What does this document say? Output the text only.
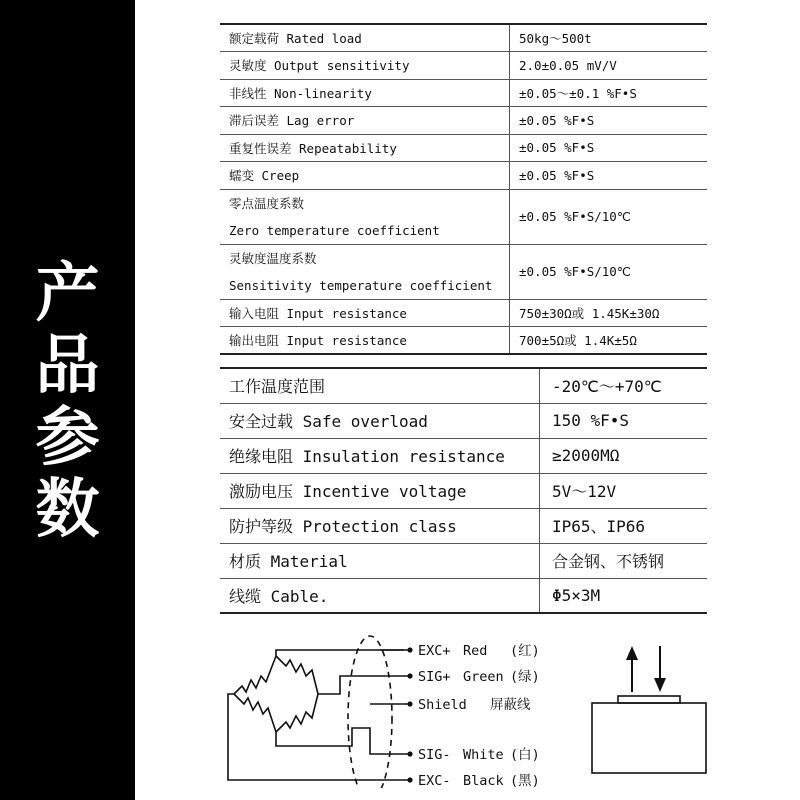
产
品
参
数
额定载荷 Rated load	50kg～500t
灵敏度 Output sensitivity	2.0±0.05 mV/V
非线性 Non-linearity	±0.05～±0.1 %F•S
滞后误差 Lag error	±0.05 %F•S
重复性误差 Repeatability	±0.05 %F•S
蠕变 Creep	±0.05 %F•S

零点温度系数
Zero temperature coefficient	±0.05 %F•S/10℃

灵敏度温度系数
Sensitivity temperature coefficient	±0.05 %F•S/10℃
输入电阻 Input resistance	750±30Ω或 1.45K±30Ω
输出电阻 Input resistance	700±5Ω或 1.4K±5Ω
工作温度范围	-20℃～+70℃
安全过载 Safe overload	150 %F•S
绝缘电阻 Insulation resistance	≥2000MΩ
激励电压 Incentive voltage	5V～12V
防护等级 Protection class	IP65、IP66
材质 Material	合金钢、不锈钢
线缆 Cable.	Φ5×3M
EXC+ Red (红)
SIG+ Green (绿)
Shield 屏蔽线
SIG- White (白)
EXC- Black (黑)
